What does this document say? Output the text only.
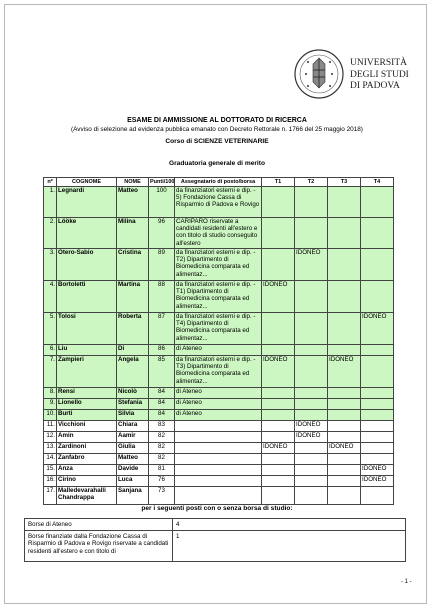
UNIVERSITÀ
DEGLI STUDI
DI PADOVA
ESAME DI AMMISSIONE AL DOTTORATO DI RICERCA
(Avviso di selezione ad evidenza pubblica emanato con Decreto Rettorale n. 1766 del 25 maggio 2018)
Corso di SCIENZE VETERINARIE
Graduatoria generale di merito
nº	COGNOME	NOME	Punti/100	Assegnatario di posto/borsa	T1	T2	T3	T4
1.	Legnardi	Matteo	100	da finanziatori esterni e dip. - 5) Fondazione Cassa di Risparmio di Padova e Rovigo				
2.	Lööke	Milina	96	CARIPARO riservate a candidati residenti all'estero e con titolo di studio conseguito all'estero				
3.	Otero-Sabio	Cristina	89	da finanziatori esterni e dip. - T2) Dipartimento di Biomedicina comparata ed alimentaz...		IDONEO		
4.	Bortoletti	Martina	88	da finanziatori esterni e dip. - T1) Dipartimento di Biomedicina comparata ed alimentaz...	IDONEO			
5.	Tolosi	Roberta	87	da finanziatori esterni e dip. - T4) Dipartimento di Biomedicina comparata ed alimentaz...				IDONEO
6.	Liu	Di	86	di Ateneo				
7.	Zampieri	Angela	85	da finanziatori esterni e dip. - T3) Dipartimento di Biomedicina comparata ed alimentaz...	IDONEO		IDONEO	
8.	Rensi	Nicolò	84	di Ateneo				
9.	Lionello	Stefania	84	di Ateneo				
10.	Burti	Silvia	84	di Ateneo				
11.	Vicchioni	Chiara	83			IDONEO		
12.	Amin	Aamir	82			IDONEO		
13.	Zardinoni	Giulia	82		IDONEO		IDONEO	
14.	Zanfabro	Matteo	82					
15.	Anza	Davide	81					IDONEO
16.	Cirino	Luca	76					IDONEO
17.	Malledevarahalli Chandrappa	Sanjana	73					
per i seguenti posti con o senza borsa di studio:
Borse di Ateneo	4
Borse finanziate dalla Fondazione Cassa di Risparmio di Padova e Rovigo riservate a candidati residenti all'estero e con titolo di	1
- 1 -
